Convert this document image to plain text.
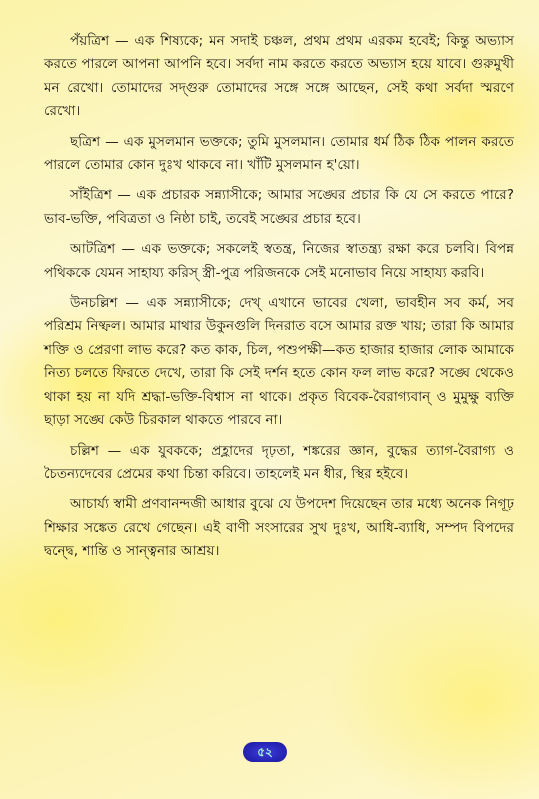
পঁয়ত্রিশ — এক শিষ্যকে; মন সদাই চঞ্চল, প্রথম প্রথম এরকম হবেই; কিন্তু অভ্যাস করতে পারলে আপনা আপনি হবে। সর্বদা নাম করতে করতে অভ্যাস হয়ে যাবে। গুরুমুখী মন রেখো। তোমাদের সদ্গুরু তোমাদের সঙ্গে সঙ্গে আছেন, সেই কথা সর্বদা স্মরণে রেখো।

ছত্রিশ — এক মুসলমান ভক্তকে; তুমি মুসলমান। তোমার ধর্ম ঠিক ঠিক পালন করতে পারলে তোমার কোন দুঃখ থাকবে না। খাঁটি মুসলমান হ'য়ো।

সাঁইত্রিশ — এক প্রচারক সন্ন্যাসীকে; আমার সঙ্ঘের প্রচার কি যে সে করতে পারে? ভাব-ভক্তি, পবিত্রতা ও নিষ্ঠা চাই, তবেই সঙ্ঘের প্রচার হবে।

আটত্রিশ — এক ভক্তকে; সকলেই স্বতন্ত্র, নিজের স্বাতন্ত্র্য রক্ষা করে চলবি। বিপন্ন পথিককে যেমন সাহায্য করিস্ স্ত্রী-পুত্র পরিজনকে সেই মনোভাব নিয়ে সাহায্য করবি।

উনচল্লিশ — এক সন্ন্যাসীকে; দেখ্ এখানে ভাবের খেলা, ভাবহীন সব কর্ম, সব পরিশ্রম নিষ্ফল। আমার মাথার উকুনগুলি দিনরাত বসে আমার রক্ত খায়; তারা কি আমার শক্তি ও প্রেরণা লাভ করে? কত কাক, চিল, পশুপক্ষী—কত হাজার হাজার লোক আমাকে নিত্য চলতে ফিরতে দেখে, তারা কি সেই দর্শন হতে কোন ফল লাভ করে? সঙ্ঘে থেকেও থাকা হয় না যদি শ্রদ্ধা-ভক্তি-বিশ্বাস না থাকে। প্রকৃত বিবেক-বৈরাগ্যবান্ ও মুমুক্ষু ব্যক্তি ছাড়া সঙ্ঘে কেউ চিরকাল থাকতে পারবে না।

চল্লিশ — এক যুবককে; প্রহ্লাদের দৃঢ়তা, শঙ্করের জ্ঞান, বুদ্ধের ত্যাগ-বৈরাগ্য ও চৈতন্যদেবের প্রেমের কথা চিন্তা করিবে। তাহলেই মন ধীর, স্থির হইবে।

আচার্য্য স্বামী প্রণবানন্দজী আধার বুঝে যে উপদেশ দিয়েছেন তার মধ্যে অনেক নিগূঢ় শিক্ষার সঙ্কেত রেখে গেছেন। এই বাণী সংসারের সুখ দুঃখ, আধি-ব্যাধি, সম্পদ বিপদের দ্বন্দ্বে, শান্তি ও সান্ত্বনার আশ্রয়।

৫২
